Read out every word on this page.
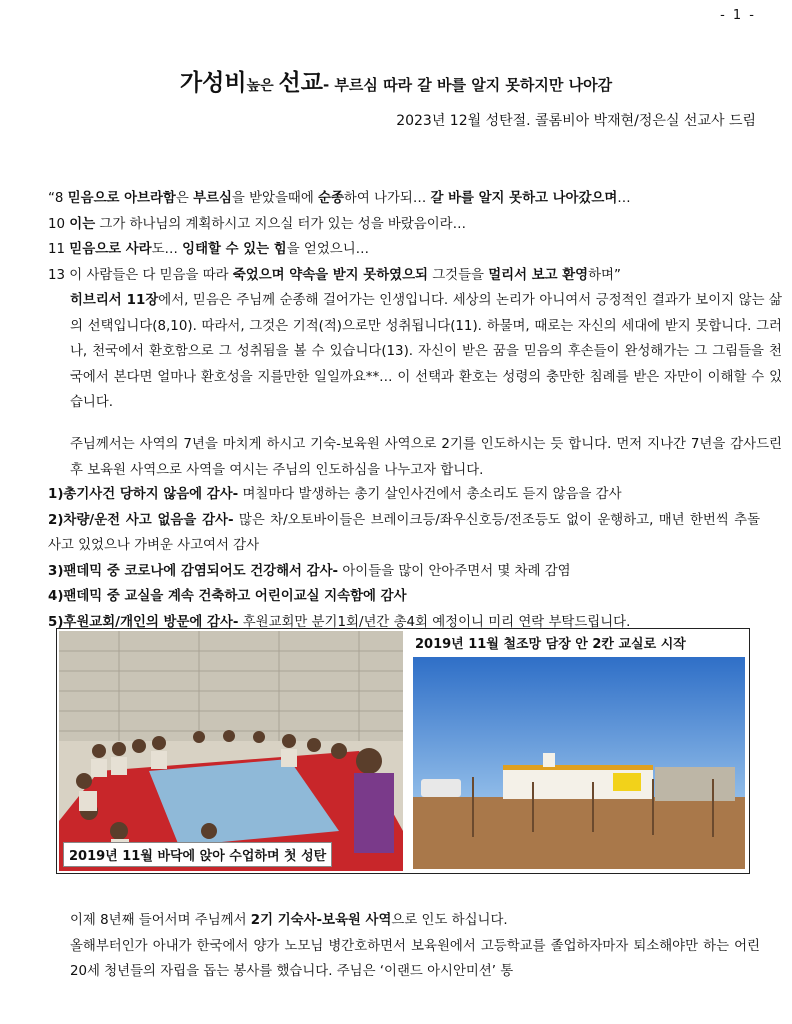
- 1 -
가성비높은 선교- 부르심 따라 갈 바를 알지 못하지만 나아감
2023년 12월 성탄절. 콜롬비아 박재현/정은실 선교사 드림
“8 믿음으로 아브라함은 부르심을 받았을때에 순종하여 나가되… 갈 바를 알지 못하고 나아갔으며…
10 이는 그가 하나님의 계획하시고 지으실 터가 있는 성을 바랐음이라…
11 믿음으로 사라도… 잉태할 수 있는 힘을 얻었으니…
13 이 사람들은 다 믿음을 따라 죽었으며 약속을 받지 못하였으되 그것들을 멀리서 보고 환영하며”
히브리서 11장에서, 믿음은 주님께 순종해 걸어가는 인생입니다. 세상의 논리가 아니여서 긍정적인 결과가 보이지 않는 삶의 선택입니다(8,10). 따라서, 그것은 기적(적)으로만 성취됩니다(11). 하물며, 때로는 자신의 세대에 받지 못합니다. 그러나, 천국에서 환호함으로 그 성취됨을 볼 수 있습니다(13). 자신이 받은 꿈을 믿음의 후손들이 완성해가는 그 그림들을 천국에서 본다면 얼마나 환호성을 지를만한 일일까요**… 이 선택과 환호는 성령의 충만한 침례를 받은 자만이 이해할 수 있습니다.
주님께서는 사역의 7년을 마치게 하시고 기숙-보육원 사역으로 2기를 인도하시는 듯 합니다. 먼저 지나간 7년을 감사드린 후 보육원 사역으로 사역을 여시는 주님의 인도하심을 나누고자 합니다.
1)총기사건 당하지 않음에 감사- 며칠마다 발생하는 총기 살인사건에서 총소리도 듣지 않음을 감사
2)차량/운전 사고 없음을 감사- 많은 차/오토바이들은 브레이크등/좌우신호등/전조등도 없이 운행하고, 매년 한번씩 추돌사고 있었으나 가벼운 사고여서 감사
3)팬데믹 중 코로나에 감염되어도 건강해서 감사- 아이들을 많이 안아주면서 몇 차례 감염
4)팬데믹 중 교실을 계속 건축하고 어린이교실 지속함에 감사
5)후원교회/개인의 방문에 감사- 후원교회만 분기1회/년간 총4회 예정이니 미리 연락 부탁드립니다.
2019년 11월 바닥에 앉아 수업하며 첫 성탄
2019년 11월 철조망 담장 안 2칸 교실로 시작
이제 8년째 들어서며 주님께서 2기 기숙사-보육원 사역으로 인도 하십니다.
올해부터인가 아내가 한국에서 양가 노모님 병간호하면서 보육원에서 고등학교를 졸업하자마자 퇴소해야만 하는 어린 20세 청년들의 자립을 돕는 봉사를 했습니다. 주님은 ‘이랜드 아시안미션’ 통
